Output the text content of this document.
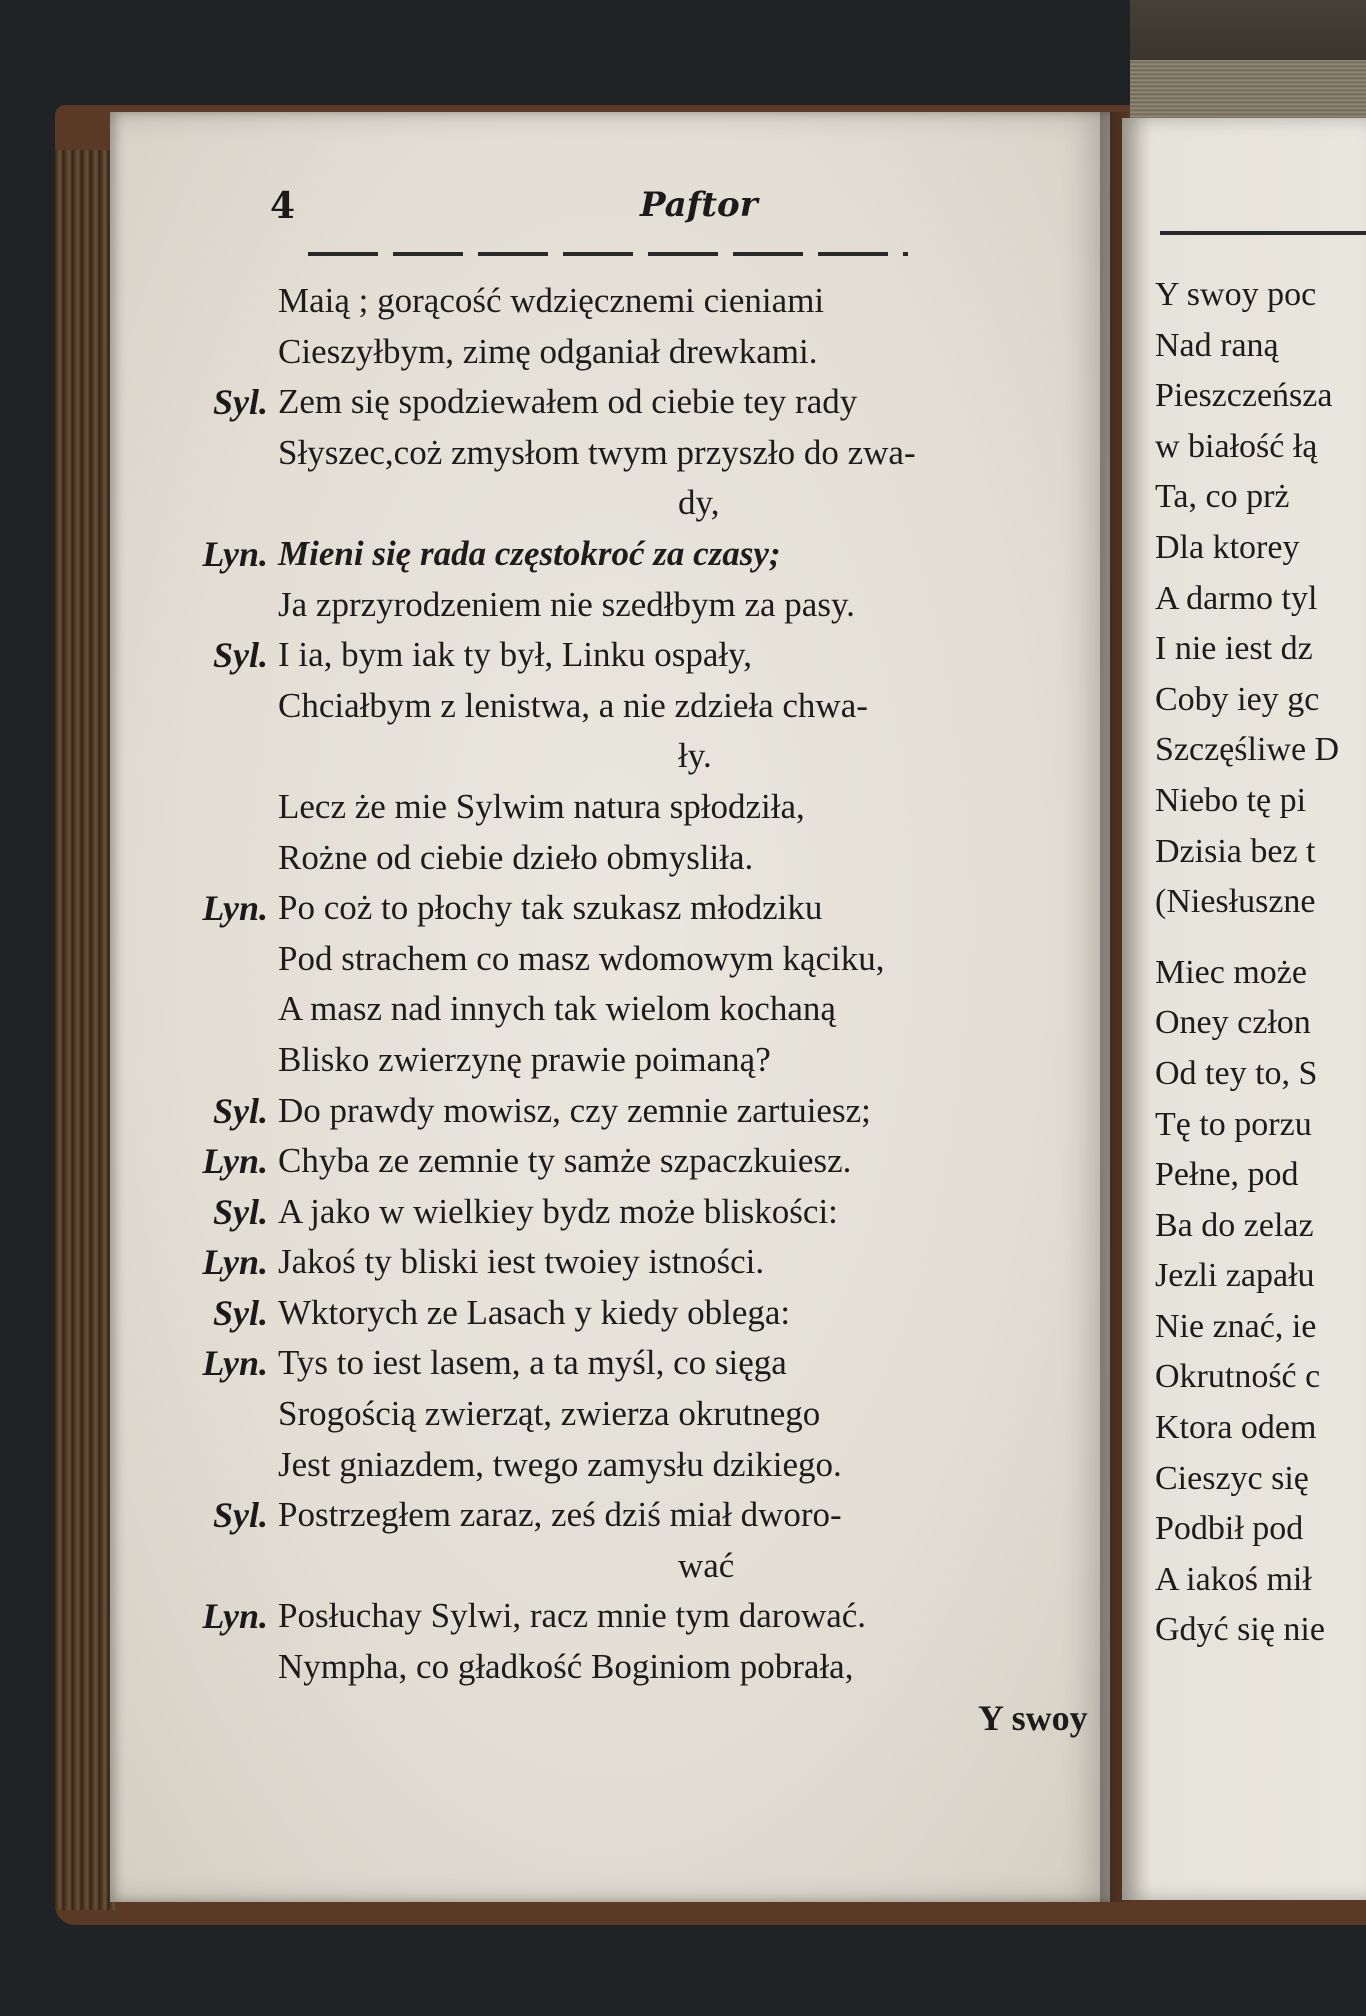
4	Paftor
Maią ; gorącość wdzięcznemi cieniami
Cieszyłbym, zimę odganiał drewkami.
Syl. Zem się spodziewałem od ciebie tey rady
Słyszec,coż zmysłom twym przyszło do zwa-
dy,
Lyn. Mieni się rada częstokroć za czasy;
Ja zprzyrodzeniem nie szedłbym za pasy.
Syl. I ia, bym iak ty był, Linku ospały,
Chciałbym z lenistwa, a nie zdzieła chwa-
ły.
Lecz że mie Sylwim natura spłodziła,
Rożne od ciebie dzieło obmysliła.
Lyn. Po coż to płochy tak szukasz młodziku
Pod strachem co masz wdomowym kąciku,
A masz nad innych tak wielom kochaną
Blisko zwierzynę prawie poimaną?
Syl. Do prawdy mowisz, czy zemnie zartuiesz;
Lyn. Chyba ze zemnie ty samże szpaczkuiesz.
Syl. A jako w wielkiey bydz może bliskości:
Lyn. Jakoś ty bliski iest twoiey istności.
Syl. Wktorych ze Lasach y kiedy oblega:
Lyn. Tys to iest lasem, a ta myśl, co sięga
Srogością zwierząt, zwierza okrutnego
Jest gniazdem, twego zamysłu dzikiego.
Syl. Postrzegłem zaraz, ześ dziś miał dworo-
wać
Lyn. Posłuchay Sylwi, racz mnie tym darować.
Nympha, co gładkość Boginiom pobrała,
Y swoy
Y swoy poc
Nad raną
Pieszczeńsza
w białość łą
Ta, co prż
Dla ktorey
A darmo tyl
I nie iest dz
Coby iey gc
Szczęśliwe D
Niebo tę pi
Dzisia bez t
(Niesłuszne
Miec może
Oney człon
Od tey to, S
Tę to porzu
Pełne, pod
Ba do zelaz
Jezli zapału
Nie znać, ie
Okrutność c
Ktora odem
Cieszyc się
Podbił pod
A iakoś mił
Gdyć się nie
